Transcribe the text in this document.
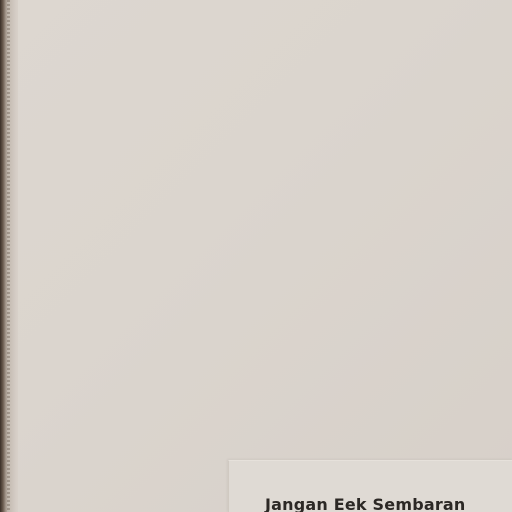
Jangan Eek Sembaran
